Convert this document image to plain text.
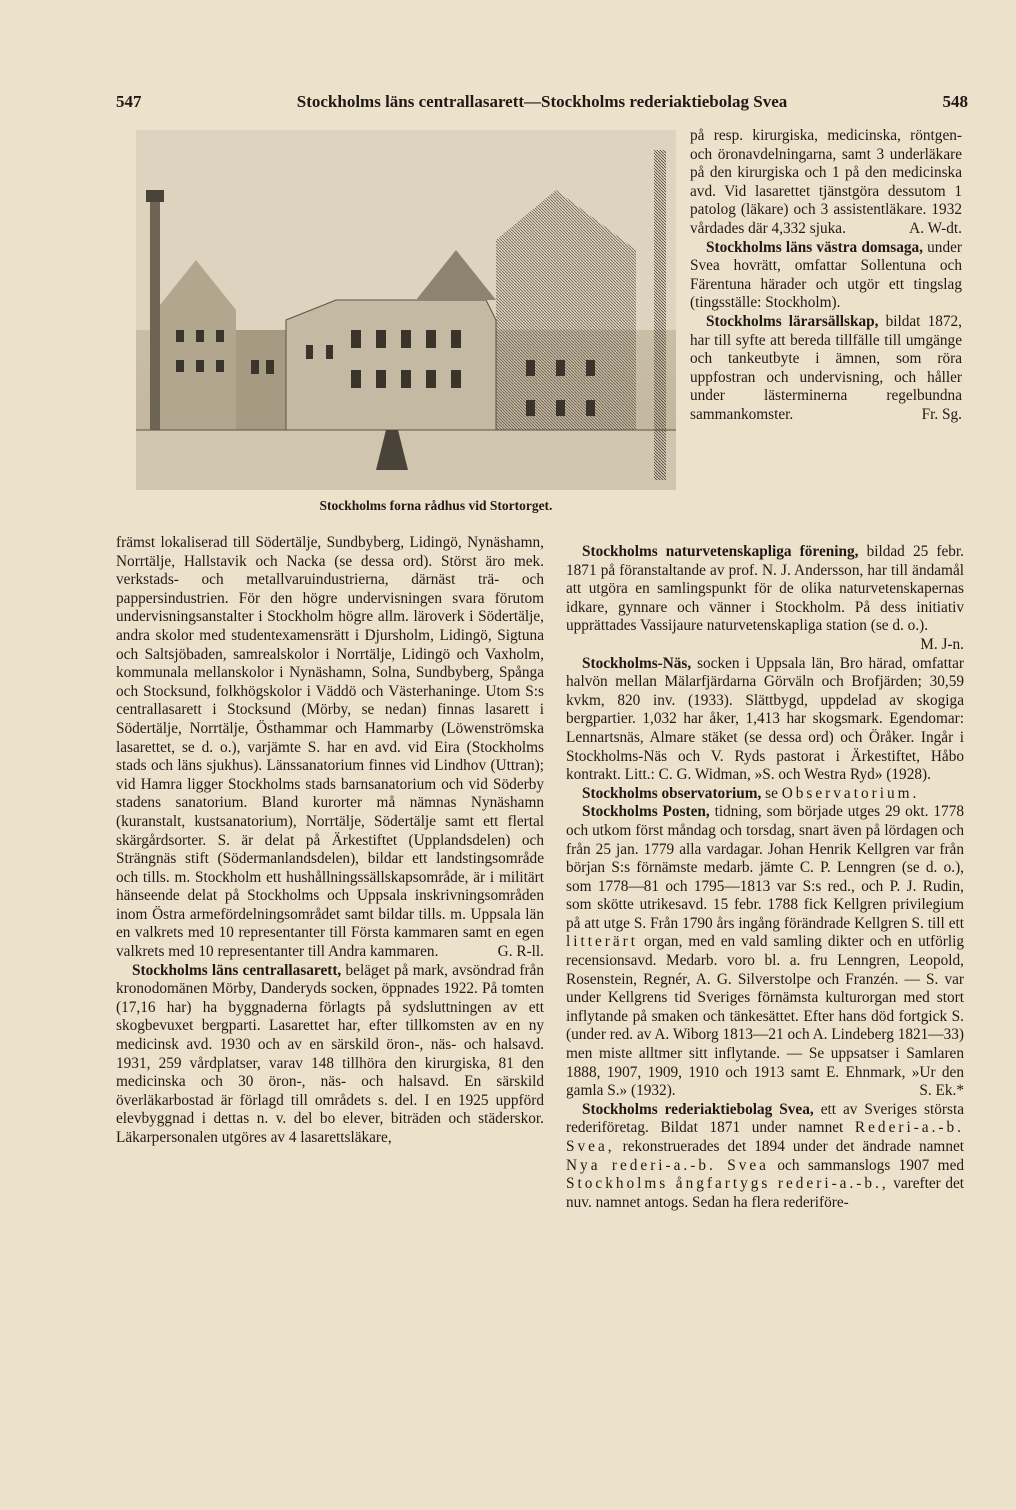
547	Stockholms läns centrallasarett—Stockholms rederiaktiebolag Svea	548
Stockholms forna rådhus vid Stortorget.

på resp. kirurgiska, medicinska, röntgen- och öronavdelningarna, samt 3 underläkare på den kirurgiska och 1 på den medicinska avd. Vid lasarettet tjänstgöra dessutom 1 patolog (läkare) och 3 assistentläkare. 1932 vårdades där 4,332 sjuka.	A. W-dt.

Stockholms läns västra domsaga, under Svea hovrätt, omfattar Sollentuna och Färentuna härader och utgör ett tingslag (tingsställe: Stockholm).

Stockholms lärarsällskap, bildat 1872, har till syfte att bereda tillfälle till umgänge och tankeutbyte i ämnen, som röra uppfostran och undervisning, och håller under lästerminerna regelbundna sammankomster.	Fr. Sg.

främst lokaliserad till Södertälje, Sundbyberg, Lidingö, Nynäshamn, Norrtälje, Hallstavik och Nacka (se dessa ord). Störst äro mek. verkstads- och metallvaruindustrierna, därnäst trä- och pappersindustrien. För den högre undervisningen svara förutom undervisningsanstalter i Stockholm högre allm. läroverk i Södertälje, andra skolor med studentexamensrätt i Djursholm, Lidingö, Sigtuna och Saltsjöbaden, samrealskolor i Norrtälje, Lidingö och Vaxholm, kommunala mellanskolor i Nynäshamn, Solna, Sundbyberg, Spånga och Stocksund, folkhögskolor i Väddö och Västerhaninge. Utom S:s centrallasarett i Stocksund (Mörby, se nedan) finnas lasarett i Södertälje, Norrtälje, Östhammar och Hammarby (Löwenströmska lasarettet, se d. o.), varjämte S. har en avd. vid Eira (Stockholms stads och läns sjukhus). Länssanatorium finnes vid Lindhov (Uttran); vid Hamra ligger Stockholms stads barnsanatorium och vid Söderby stadens sanatorium. Bland kurorter må nämnas Nynäshamn (kuranstalt, kustsanatorium), Norrtälje, Södertälje samt ett flertal skärgårdsorter. S. är delat på Ärkestiftet (Upplandsdelen) och Strängnäs stift (Södermanlandsdelen), bildar ett landstingsområde och tills. m. Stockholm ett hushållningssällskapsområde, är i militärt hänseende delat på Stockholms och Uppsala inskrivningsområden inom Östra armefördelningsområdet samt bildar tills. m. Uppsala län en valkrets med 10 representanter till Första kammaren samt en egen valkrets med 10 representanter till Andra kammaren.	G. R-ll.

Stockholms läns centrallasarett, beläget på mark, avsöndrad från kronodomänen Mörby, Danderyds socken, öppnades 1922. På tomten (17,16 har) ha byggnaderna förlagts på sydsluttningen av ett skogbevuxet bergparti. Lasarettet har, efter tillkomsten av en ny medicinsk avd. 1930 och av en särskild öron-, näs- och halsavd. 1931, 259 vårdplatser, varav 148 tillhöra den kirurgiska, 81 den medicinska och 30 öron-, näs- och halsavd. En särskild överläkarbostad är förlagd till områdets s. del. I en 1925 uppförd elevbyggnad i dettas n. v. del bo elever, biträden och städerskor. Läkarpersonalen utgöres av 4 lasarettsläkare,

Stockholms naturvetenskapliga förening, bildad 25 febr. 1871 på föranstaltande av prof. N. J. Andersson, har till ändamål att utgöra en samlingspunkt för de olika naturvetenskapernas idkare, gynnare och vänner i Stockholm. På dess initiativ upprättades Vassijaure naturvetenskapliga station (se d. o.).
M. J-n.

Stockholms-Näs, socken i Uppsala län, Bro härad, omfattar halvön mellan Mälarfjärdarna Görväln och Brofjärden; 30,59 kvkm, 820 inv. (1933). Slättbygd, uppdelad av skogiga bergpartier. 1,032 har åker, 1,413 har skogsmark. Egendomar: Lennartsnäs, Almare stäket (se dessa ord) och Öråker. Ingår i Stockholms-Näs och V. Ryds pastorat i Ärkestiftet, Håbo kontrakt. Litt.: C. G. Widman, »S. och Westra Ryd» (1928).

Stockholms observatorium, se Observatorium.

Stockholms Posten, tidning, som började utges 29 okt. 1778 och utkom först måndag och torsdag, snart även på lördagen och från 25 jan. 1779 alla vardagar. Johan Henrik Kellgren var från början S:s förnämste medarb. jämte C. P. Lenngren (se d. o.), som 1778—81 och 1795—1813 var S:s red., och P. J. Rudin, som skötte utrikesavd. 15 febr. 1788 fick Kellgren privilegium på att utge S. Från 1790 års ingång förändrade Kellgren S. till ett litterärt organ, med en vald samling dikter och en utförlig recensionsavd. Medarb. voro bl. a. fru Lenngren, Leopold, Rosenstein, Regnér, A. G. Silverstolpe och Franzén. — S. var under Kellgrens tid Sveriges förnämsta kulturorgan med stort inflytande på smaken och tänkesättet. Efter hans död fortgick S. (under red. av A. Wiborg 1813—21 och A. Lindeberg 1821—33) men miste alltmer sitt inflytande. — Se uppsatser i Samlaren 1888, 1907, 1909, 1910 och 1913 samt E. Ehnmark, »Ur den gamla S.» (1932).	S. Ek.*

Stockholms rederiaktiebolag Svea, ett av Sveriges största rederiföretag. Bildat 1871 under namnet Rederi-a.-b. Svea, rekonstruerades det 1894 under det ändrade namnet Nya rederi-a.-b. Svea och sammanslogs 1907 med Stockholms ångfartygs rederi-a.-b., varefter det nuv. namnet antogs. Sedan ha flera rederiföre-
